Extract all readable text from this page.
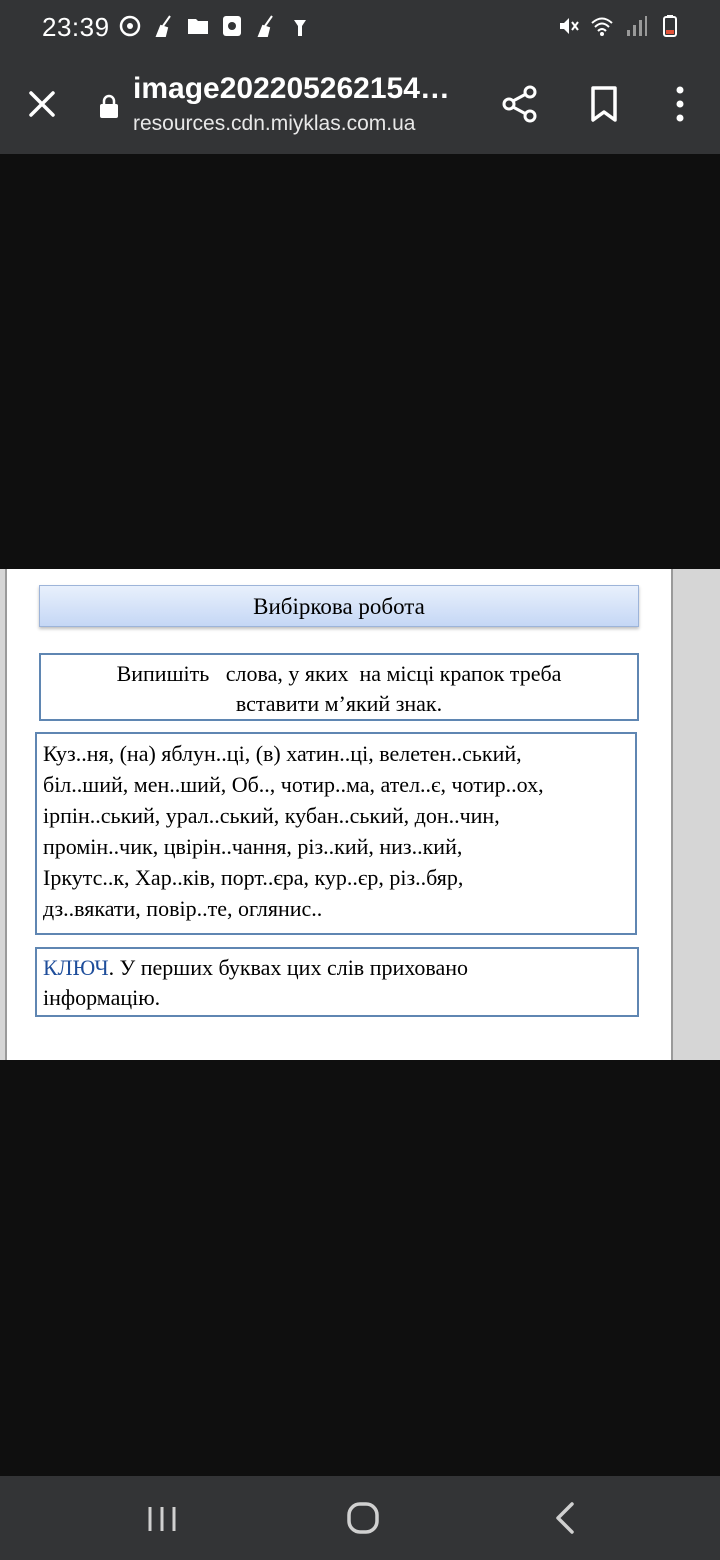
23:39
image202205262154…
resources.cdn.miyklas.com.ua
Вибіркова робота
Випишіть   слова, у яких  на місці крапок треба
вставити м’який знак.
Куз..ня, (на) яблун..ці, (в) хатин..ці, велетен..ський,
біл..ший, мен..ший, Об.., чотир..ма, ател..є, чотир..ох,
ірпін..ський, урал..ський, кубан..ський, дон..чин,
промін..чик, цвірін..чання, різ..кий, низ..кий,
Іркутс..к, Хар..ків, порт..єра, кур..єр, різ..бяр,
дз..вякати, повір..те, оглянис..
КЛЮЧ. У перших буквах цих слів приховано
інформацію.
